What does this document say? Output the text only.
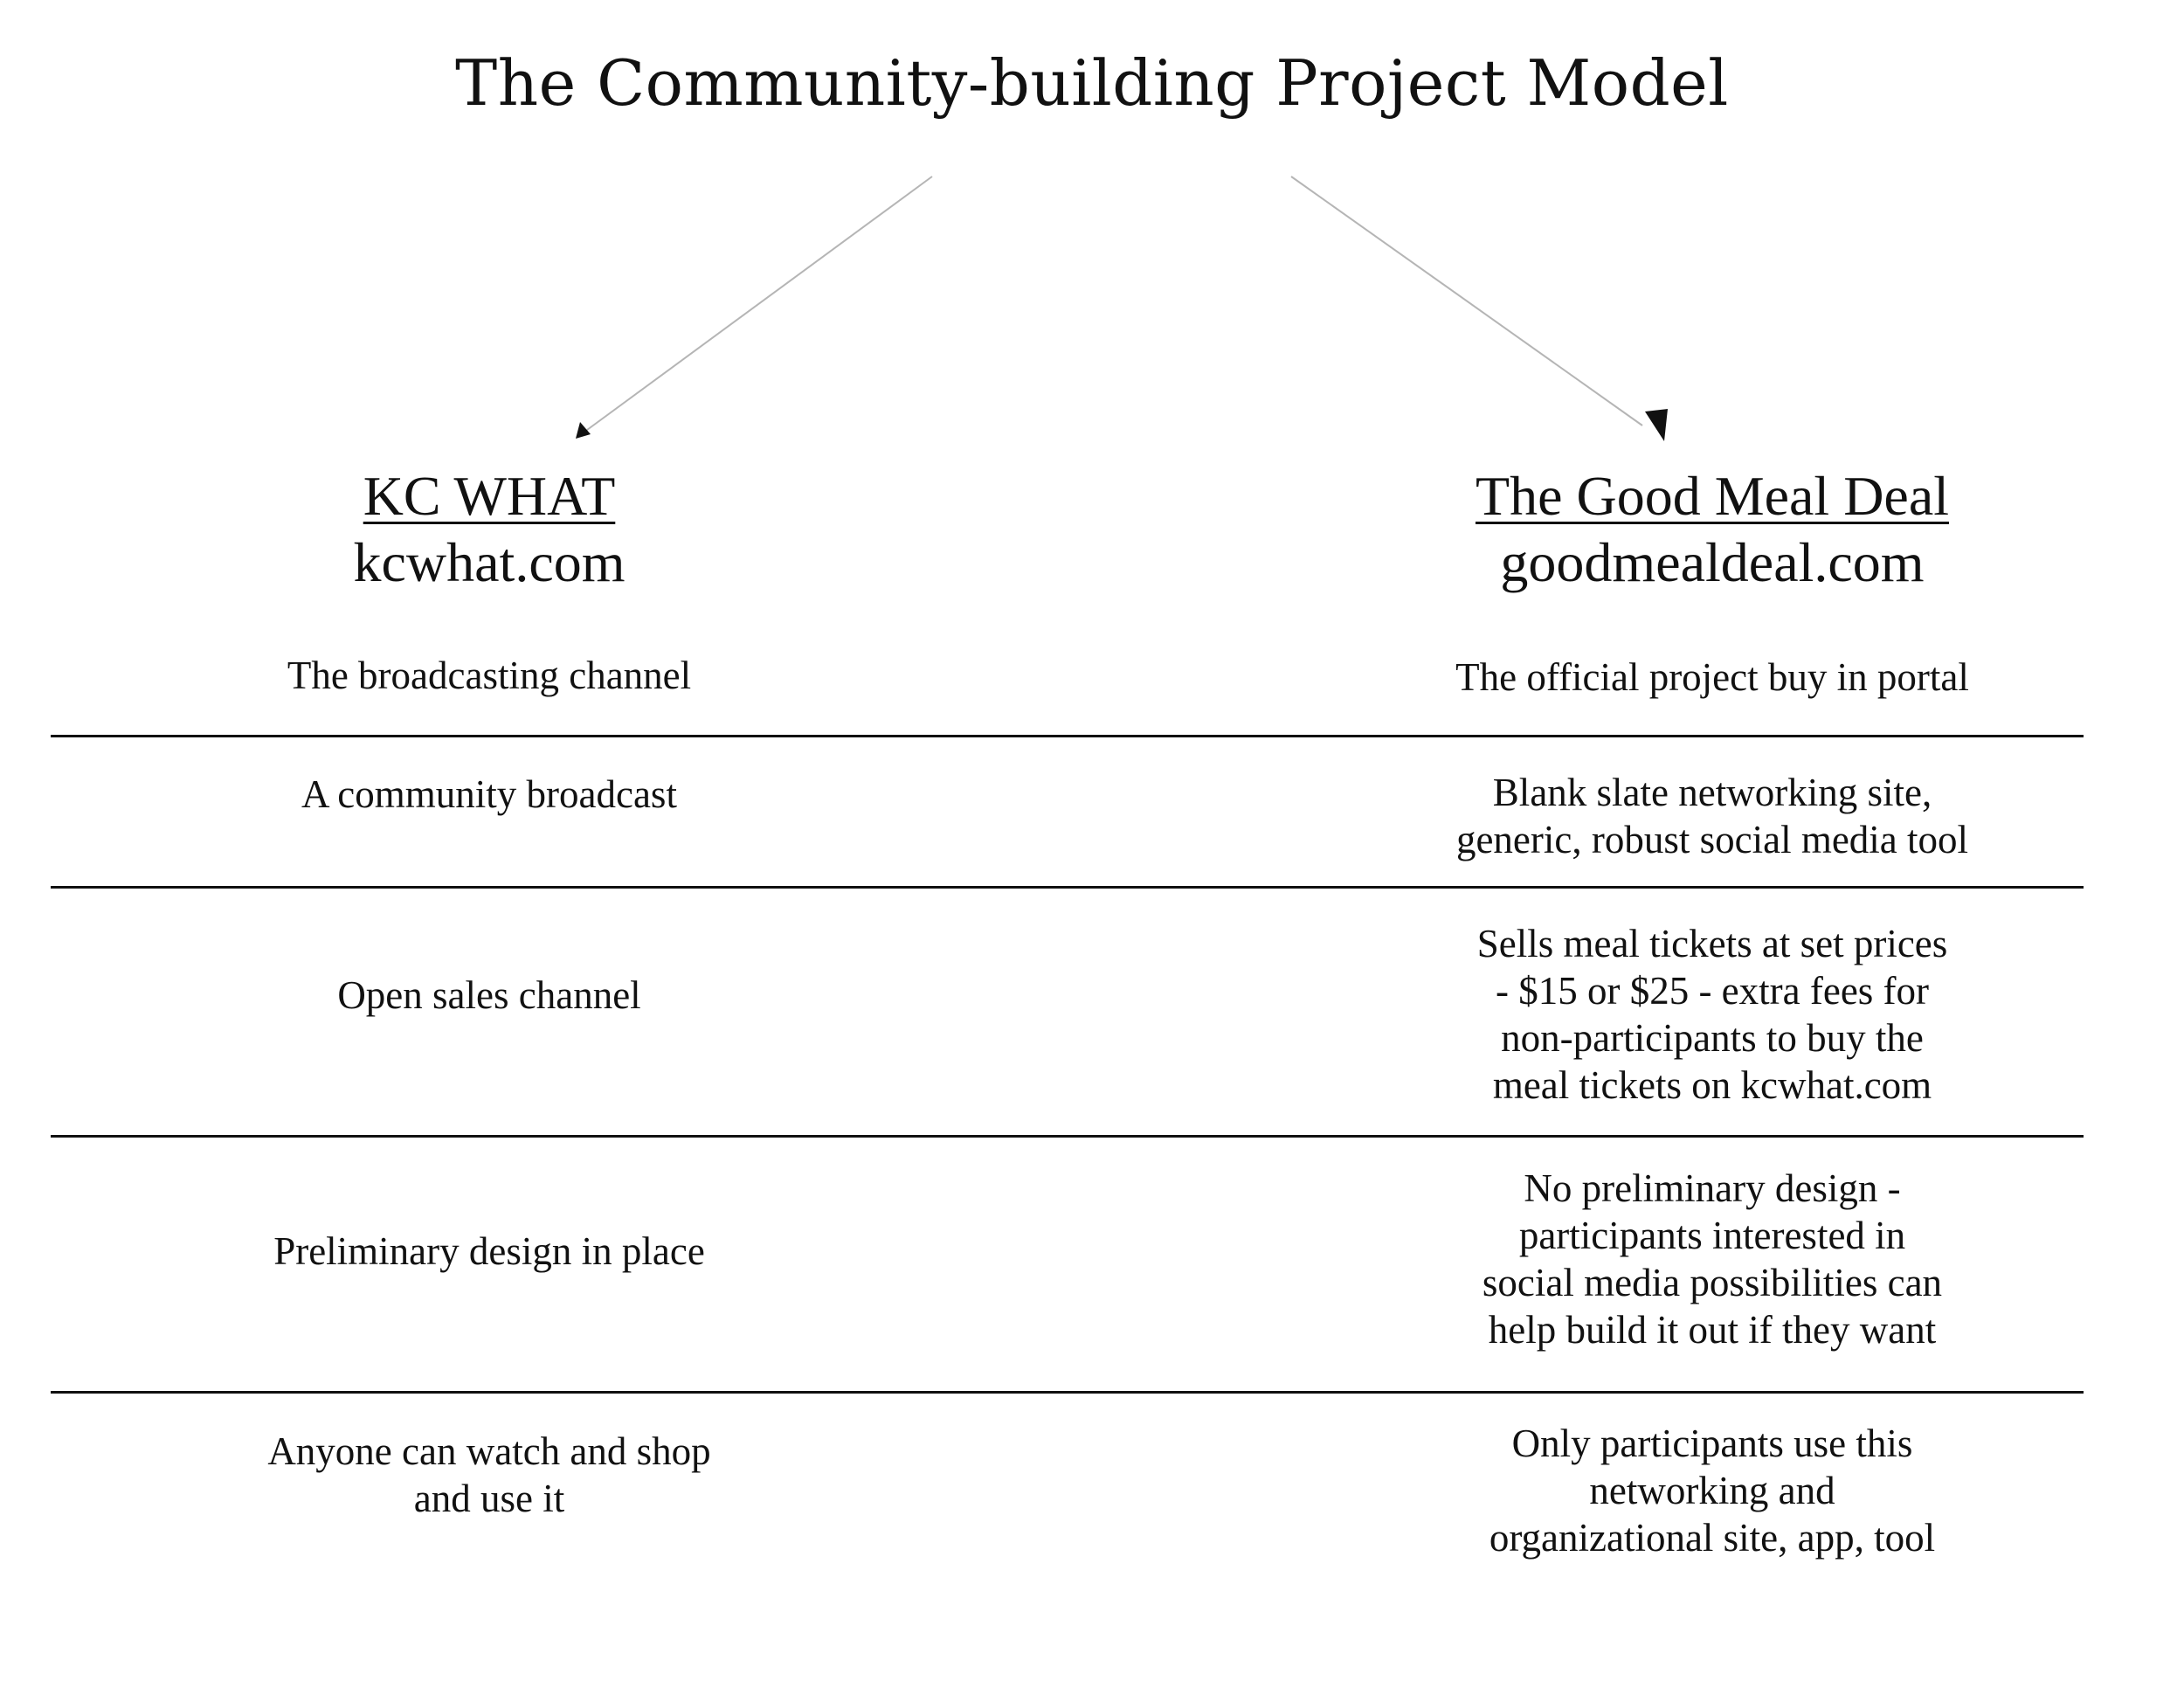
The Community-building Project Model
KC WHAT
kcwhat.com
The Good Meal Deal
goodmealdeal.com
The broadcasting channel	The official project buy in portal
A community broadcast	Blank slate networking site,
generic, robust social media tool
Open sales channel
Sells meal tickets at set prices
- $15 or $25 - extra fees for
non-participants to buy the
meal tickets on kcwhat.com
Preliminary design in place
No preliminary design -
participants interested in
social media possibilities can
help build it out if they want
Anyone can watch and shop
and use it
Only participants use this
networking and
organizational site, app, tool
